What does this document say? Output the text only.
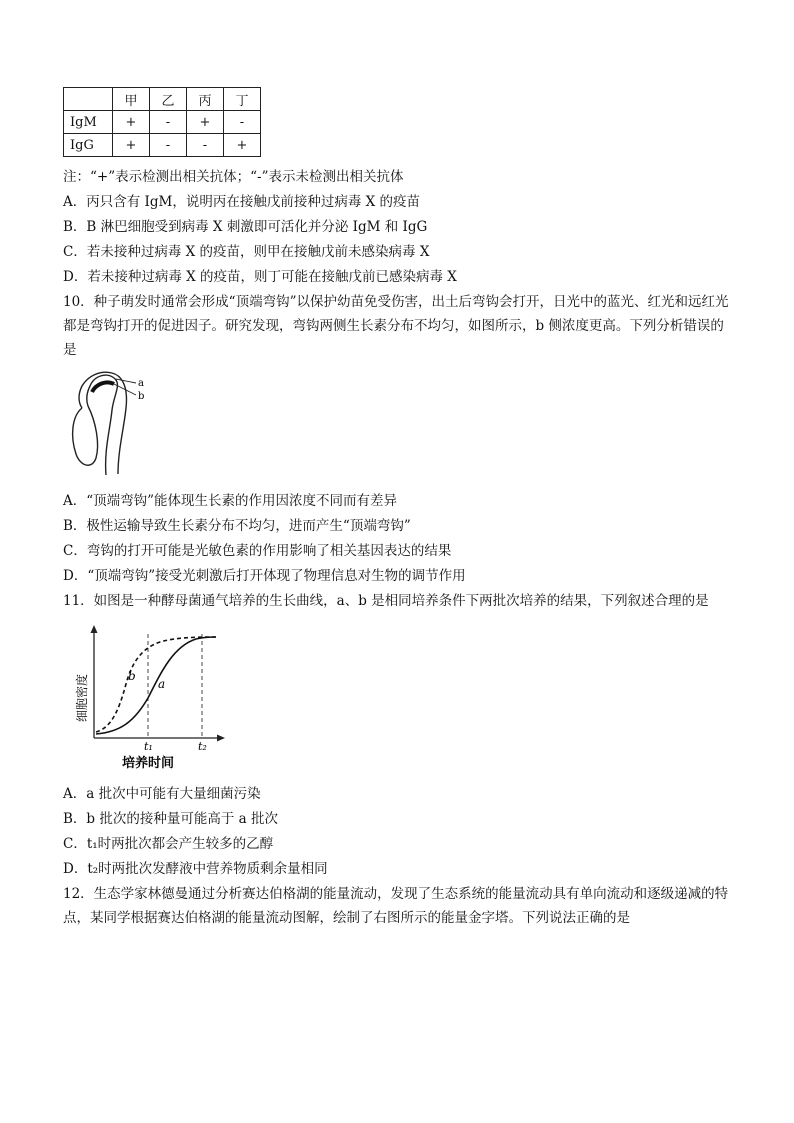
	甲	乙	丙	丁
IgM	+	-	+	-
IgG	+	-	-	+
注：“+”表示检测出相关抗体；“-”表示未检测出相关抗体
A．丙只含有 IgM，说明丙在接触戊前接种过病毒 X 的疫苗
B．B 淋巴细胞受到病毒 X 刺激即可活化并分泌 IgM 和 IgG
C．若未接种过病毒 X 的疫苗，则甲在接触戊前未感染病毒 X
D．若未接种过病毒 X 的疫苗，则丁可能在接触戊前已感染病毒 X
10．种子萌发时通常会形成“顶端弯钩”以保护幼苗免受伤害，出土后弯钩会打开，日光中的蓝光、红光和远红光都是弯钩打开的促进因子。研究发现，弯钩两侧生长素分布不均匀，如图所示，b 侧浓度更高。下列分析错误的是
a
b
A．“顶端弯钩”能体现生长素的作用因浓度不同而有差异
B．极性运输导致生长素分布不均匀，进而产生“顶端弯钩”
C．弯钩的打开可能是光敏色素的作用影响了相关基因表达的结果
D．“顶端弯钩”接受光刺激后打开体现了物理信息对生物的调节作用
11．如图是一种酵母菌通气培养的生长曲线，a、b 是相同培养条件下两批次培养的结果，下列叙述合理的是
b
a
t₁	t₂
培养时间
细胞密度
A．a 批次中可能有大量细菌污染
B．b 批次的接种量可能高于 a 批次
C．t₁时两批次都会产生较多的乙醇
D．t₂时两批次发酵液中营养物质剩余量相同
12．生态学家林德曼通过分析赛达伯格湖的能量流动，发现了生态系统的能量流动具有单向流动和逐级递减的特点，某同学根据赛达伯格湖的能量流动图解，绘制了右图所示的能量金字塔。下列说法正确的是
